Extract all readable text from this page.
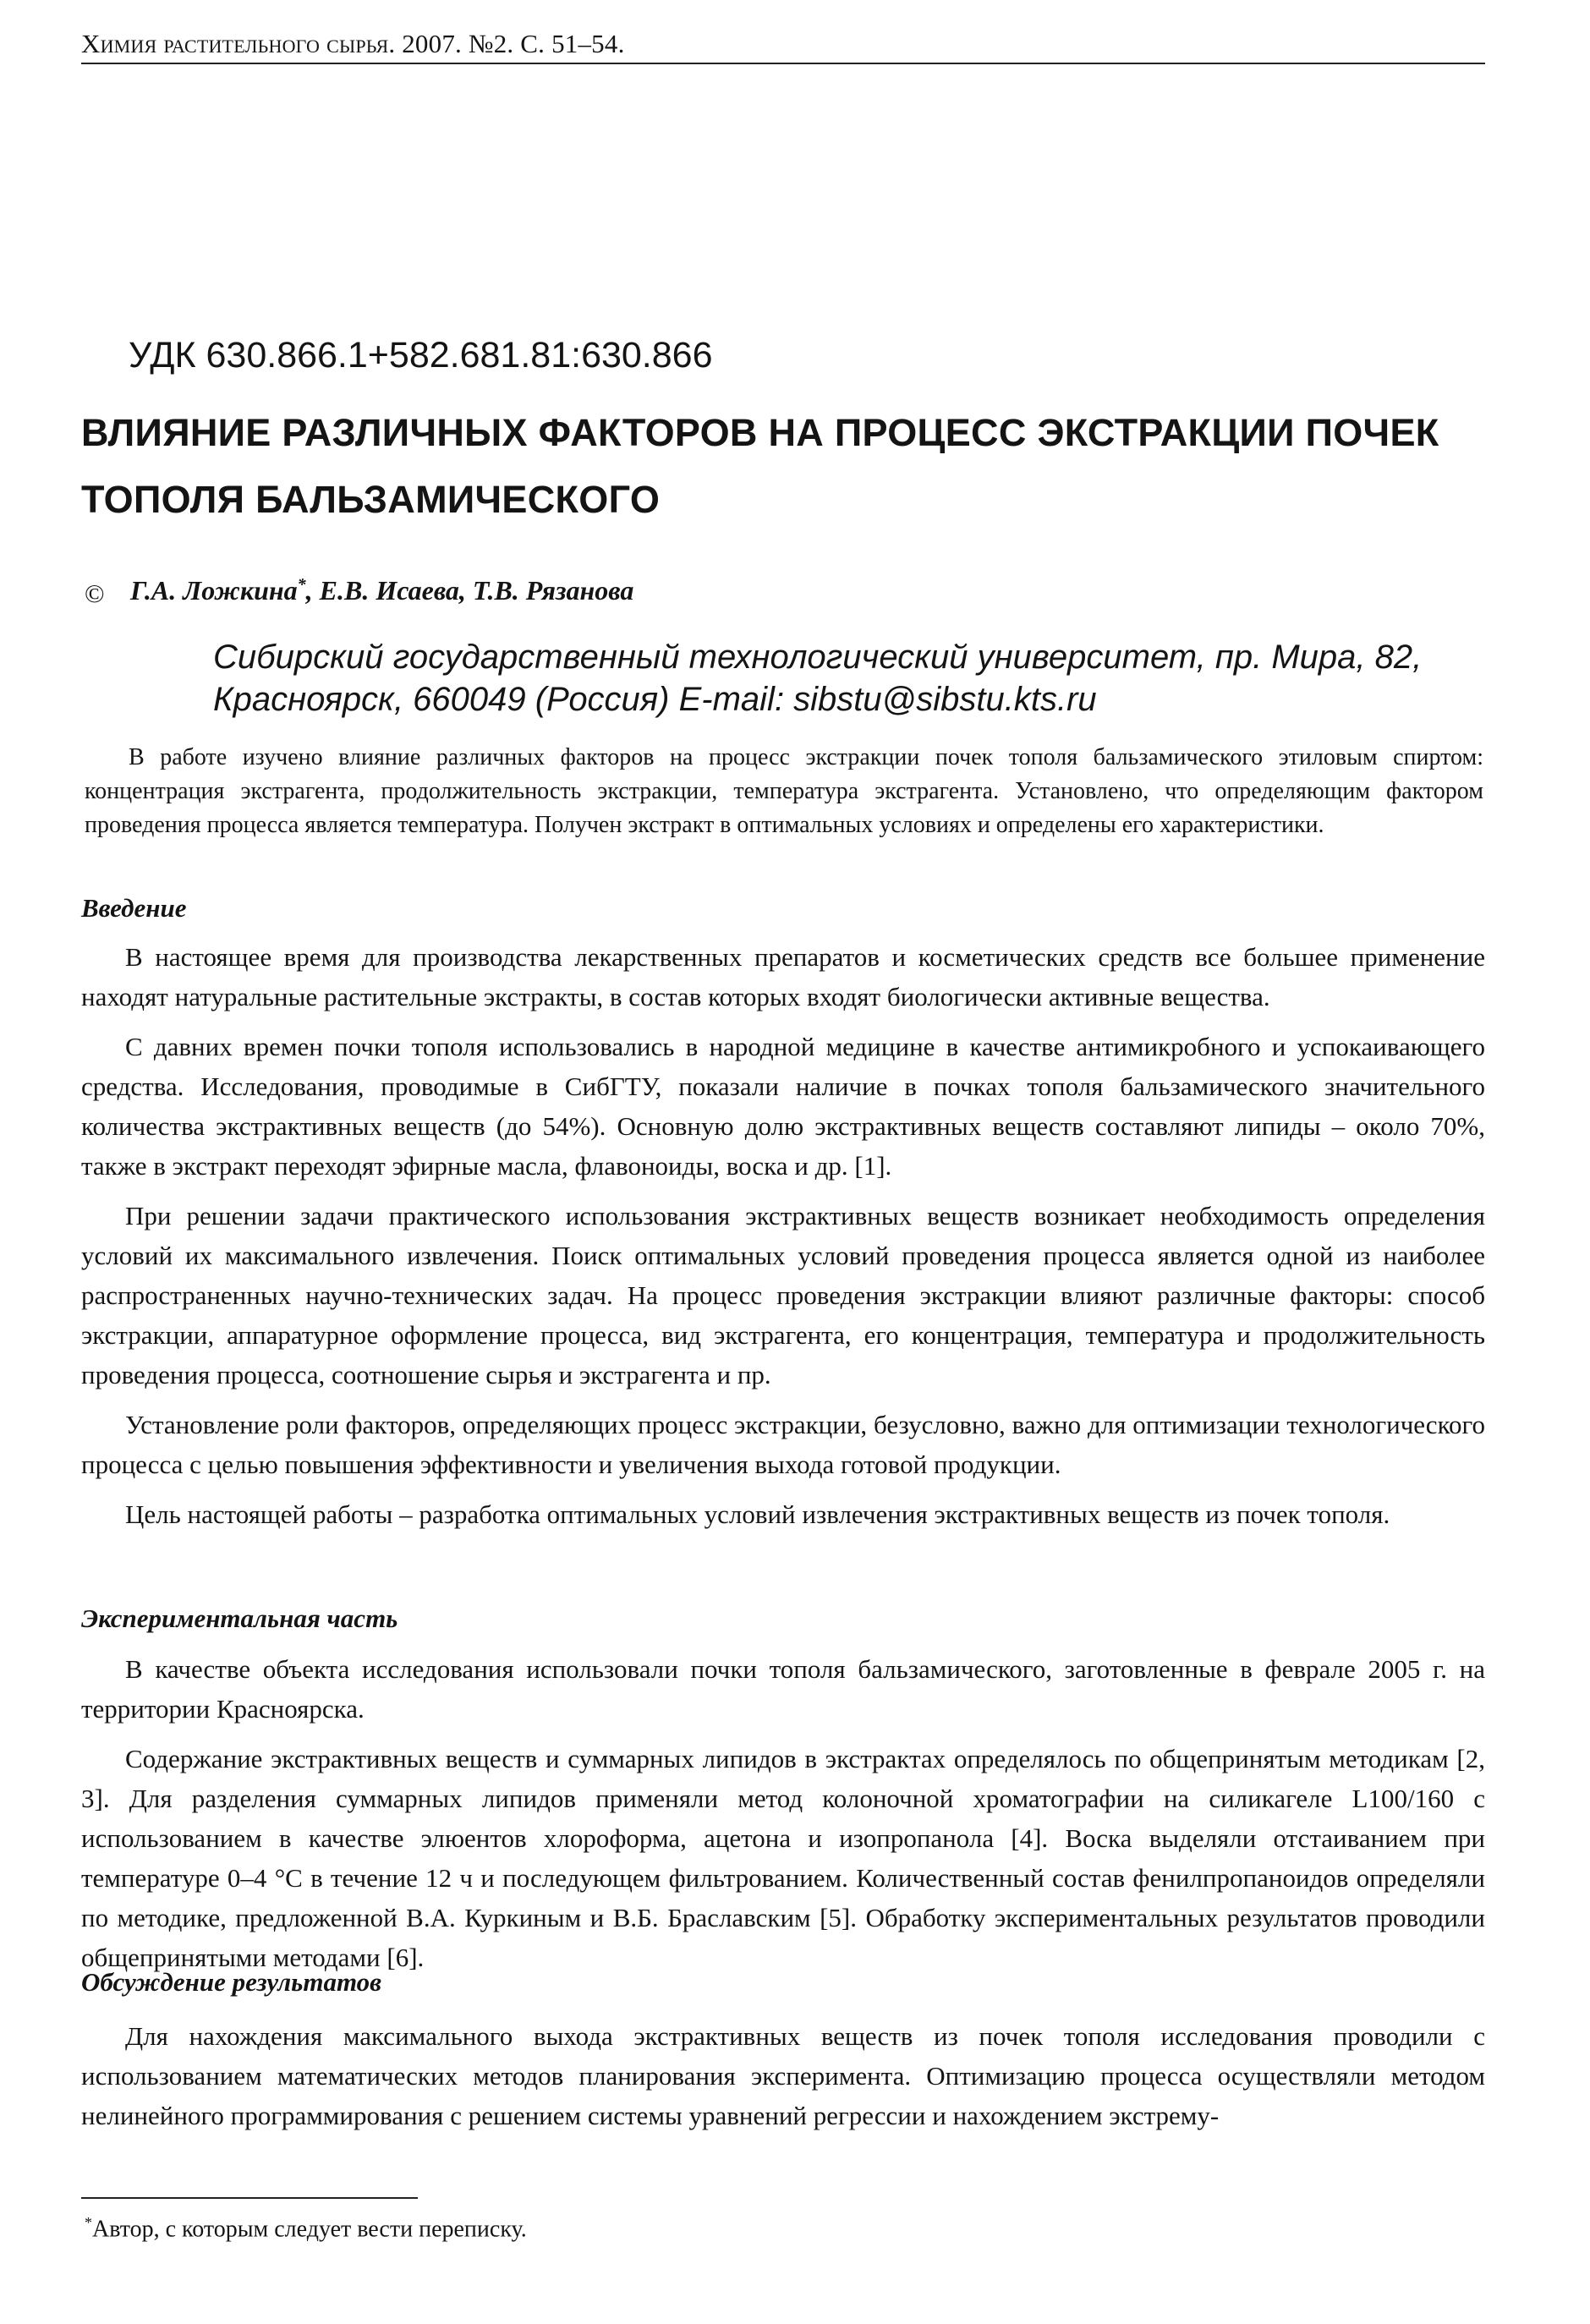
Химия растительного сырья. 2007. №2. С. 51–54.
УДК 630.866.1+582.681.81:630.866
ВЛИЯНИЕ РАЗЛИЧНЫХ ФАКТОРОВ НА ПРОЦЕСС ЭКСТРАКЦИИ ПОЧЕК ТОПОЛЯ БАЛЬЗАМИЧЕСКОГО
© Г.А. Ложкина*, Е.В. Исаева, Т.В. Рязанова
Сибирский государственный технологический университет, пр. Мира, 82, Красноярск, 660049 (Россия) E-mail: sibstu@sibstu.kts.ru
В работе изучено влияние различных факторов на процесс экстракции почек тополя бальзамического этиловым спиртом: концентрация экстрагента, продолжительность экстракции, температура экстрагента. Установлено, что определяющим фактором проведения процесса является температура. Получен экстракт в оптимальных условиях и определены его характеристики.
Введение

В настоящее время для производства лекарственных препаратов и косметических средств все большее применение находят натуральные растительные экстракты, в состав которых входят биологически активные вещества.

С давних времен почки тополя использовались в народной медицине в качестве антимикробного и успокаивающего средства. Исследования, проводимые в СибГТУ, показали наличие в почках тополя бальзамического значительного количества экстрактивных веществ (до 54%). Основную долю экстрактивных веществ составляют липиды – около 70%, также в экстракт переходят эфирные масла, флавоноиды, воска и др. [1].

При решении задачи практического использования экстрактивных веществ возникает необходимость определения условий их максимального извлечения. Поиск оптимальных условий проведения процесса является одной из наиболее распространенных научно-технических задач. На процесс проведения экстракции влияют различные факторы: способ экстракции, аппаратурное оформление процесса, вид экстрагента, его концентрация, температура и продолжительность проведения процесса, соотношение сырья и экстрагента и пр.

Установление роли факторов, определяющих процесс экстракции, безусловно, важно для оптимизации технологического процесса с целью повышения эффективности и увеличения выхода готовой продукции.

Цель настоящей работы – разработка оптимальных условий извлечения экстрактивных веществ из почек тополя.

Экспериментальная часть

В качестве объекта исследования использовали почки тополя бальзамического, заготовленные в феврале 2005 г. на территории Красноярска.

Содержание экстрактивных веществ и суммарных липидов в экстрактах определялось по общепринятым методикам [2, 3]. Для разделения суммарных липидов применяли метод колоночной хроматографии на силикагеле L100/160 с использованием в качестве элюентов хлороформа, ацетона и изопропанола [4]. Воска выделяли отстаиванием при температуре 0–4 °С в течение 12 ч и последующем фильтрованием. Количественный состав фенилпропаноидов определяли по методике, предложенной В.А. Куркиным и В.Б. Браславским [5]. Обработку экспериментальных результатов проводили общепринятыми методами [6].

Обсуждение результатов

Для нахождения максимального выхода экстрактивных веществ из почек тополя исследования проводили с использованием математических методов планирования эксперимента. Оптимизацию процесса осуществляли методом нелинейного программирования с решением системы уравнений регрессии и нахождением экстрему-

*Автор, с которым следует вести переписку.
